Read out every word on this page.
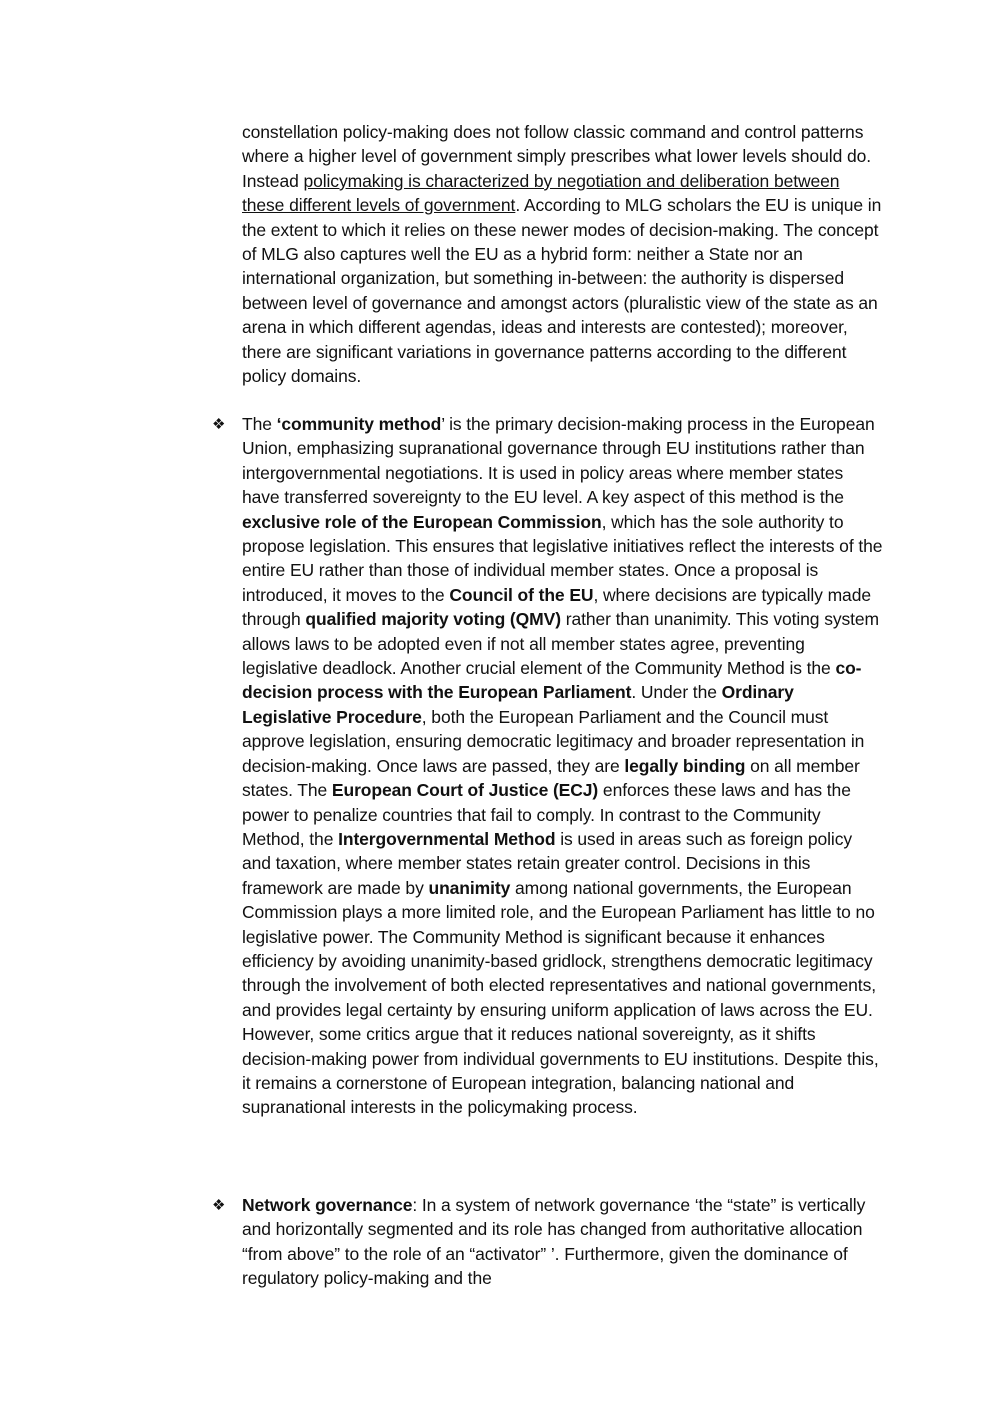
constellation policy-making does not follow classic command and control patterns where a higher level of government simply prescribes what lower levels should do. Instead policymaking is characterized by negotiation and deliberation between these different levels of government. According to MLG scholars the EU is unique in the extent to which it relies on these newer modes of decision-making. The concept of MLG also captures well the EU as a hybrid form: neither a State nor an international organization, but something in-between: the authority is dispersed between level of governance and amongst actors (pluralistic view of the state as an arena in which different agendas, ideas and interests are contested); moreover, there are significant variations in governance patterns according to the different policy domains.

❖ The ‘community method’ is the primary decision-making process in the European Union, emphasizing supranational governance through EU institutions rather than intergovernmental negotiations. It is used in policy areas where member states have transferred sovereignty to the EU level. A key aspect of this method is the exclusive role of the European Commission, which has the sole authority to propose legislation. This ensures that legislative initiatives reflect the interests of the entire EU rather than those of individual member states. Once a proposal is introduced, it moves to the Council of the EU, where decisions are typically made through qualified majority voting (QMV) rather than unanimity. This voting system allows laws to be adopted even if not all member states agree, preventing legislative deadlock. Another crucial element of the Community Method is the co-decision process with the European Parliament. Under the Ordinary Legislative Procedure, both the European Parliament and the Council must approve legislation, ensuring democratic legitimacy and broader representation in decision-making. Once laws are passed, they are legally binding on all member states. The European Court of Justice (ECJ) enforces these laws and has the power to penalize countries that fail to comply. In contrast to the Community Method, the Intergovernmental Method is used in areas such as foreign policy and taxation, where member states retain greater control. Decisions in this framework are made by unanimity among national governments, the European Commission plays a more limited role, and the European Parliament has little to no legislative power. The Community Method is significant because it enhances efficiency by avoiding unanimity-based gridlock, strengthens democratic legitimacy through the involvement of both elected representatives and national governments, and provides legal certainty by ensuring uniform application of laws across the EU. However, some critics argue that it reduces national sovereignty, as it shifts decision-making power from individual governments to EU institutions. Despite this, it remains a cornerstone of European integration, balancing national and supranational interests in the policymaking process.

❖ Network governance: In a system of network governance ‘the “state” is vertically and horizontally segmented and its role has changed from authoritative allocation “from above” to the role of an “activator” ’. Furthermore, given the dominance of regulatory policy-making and the
